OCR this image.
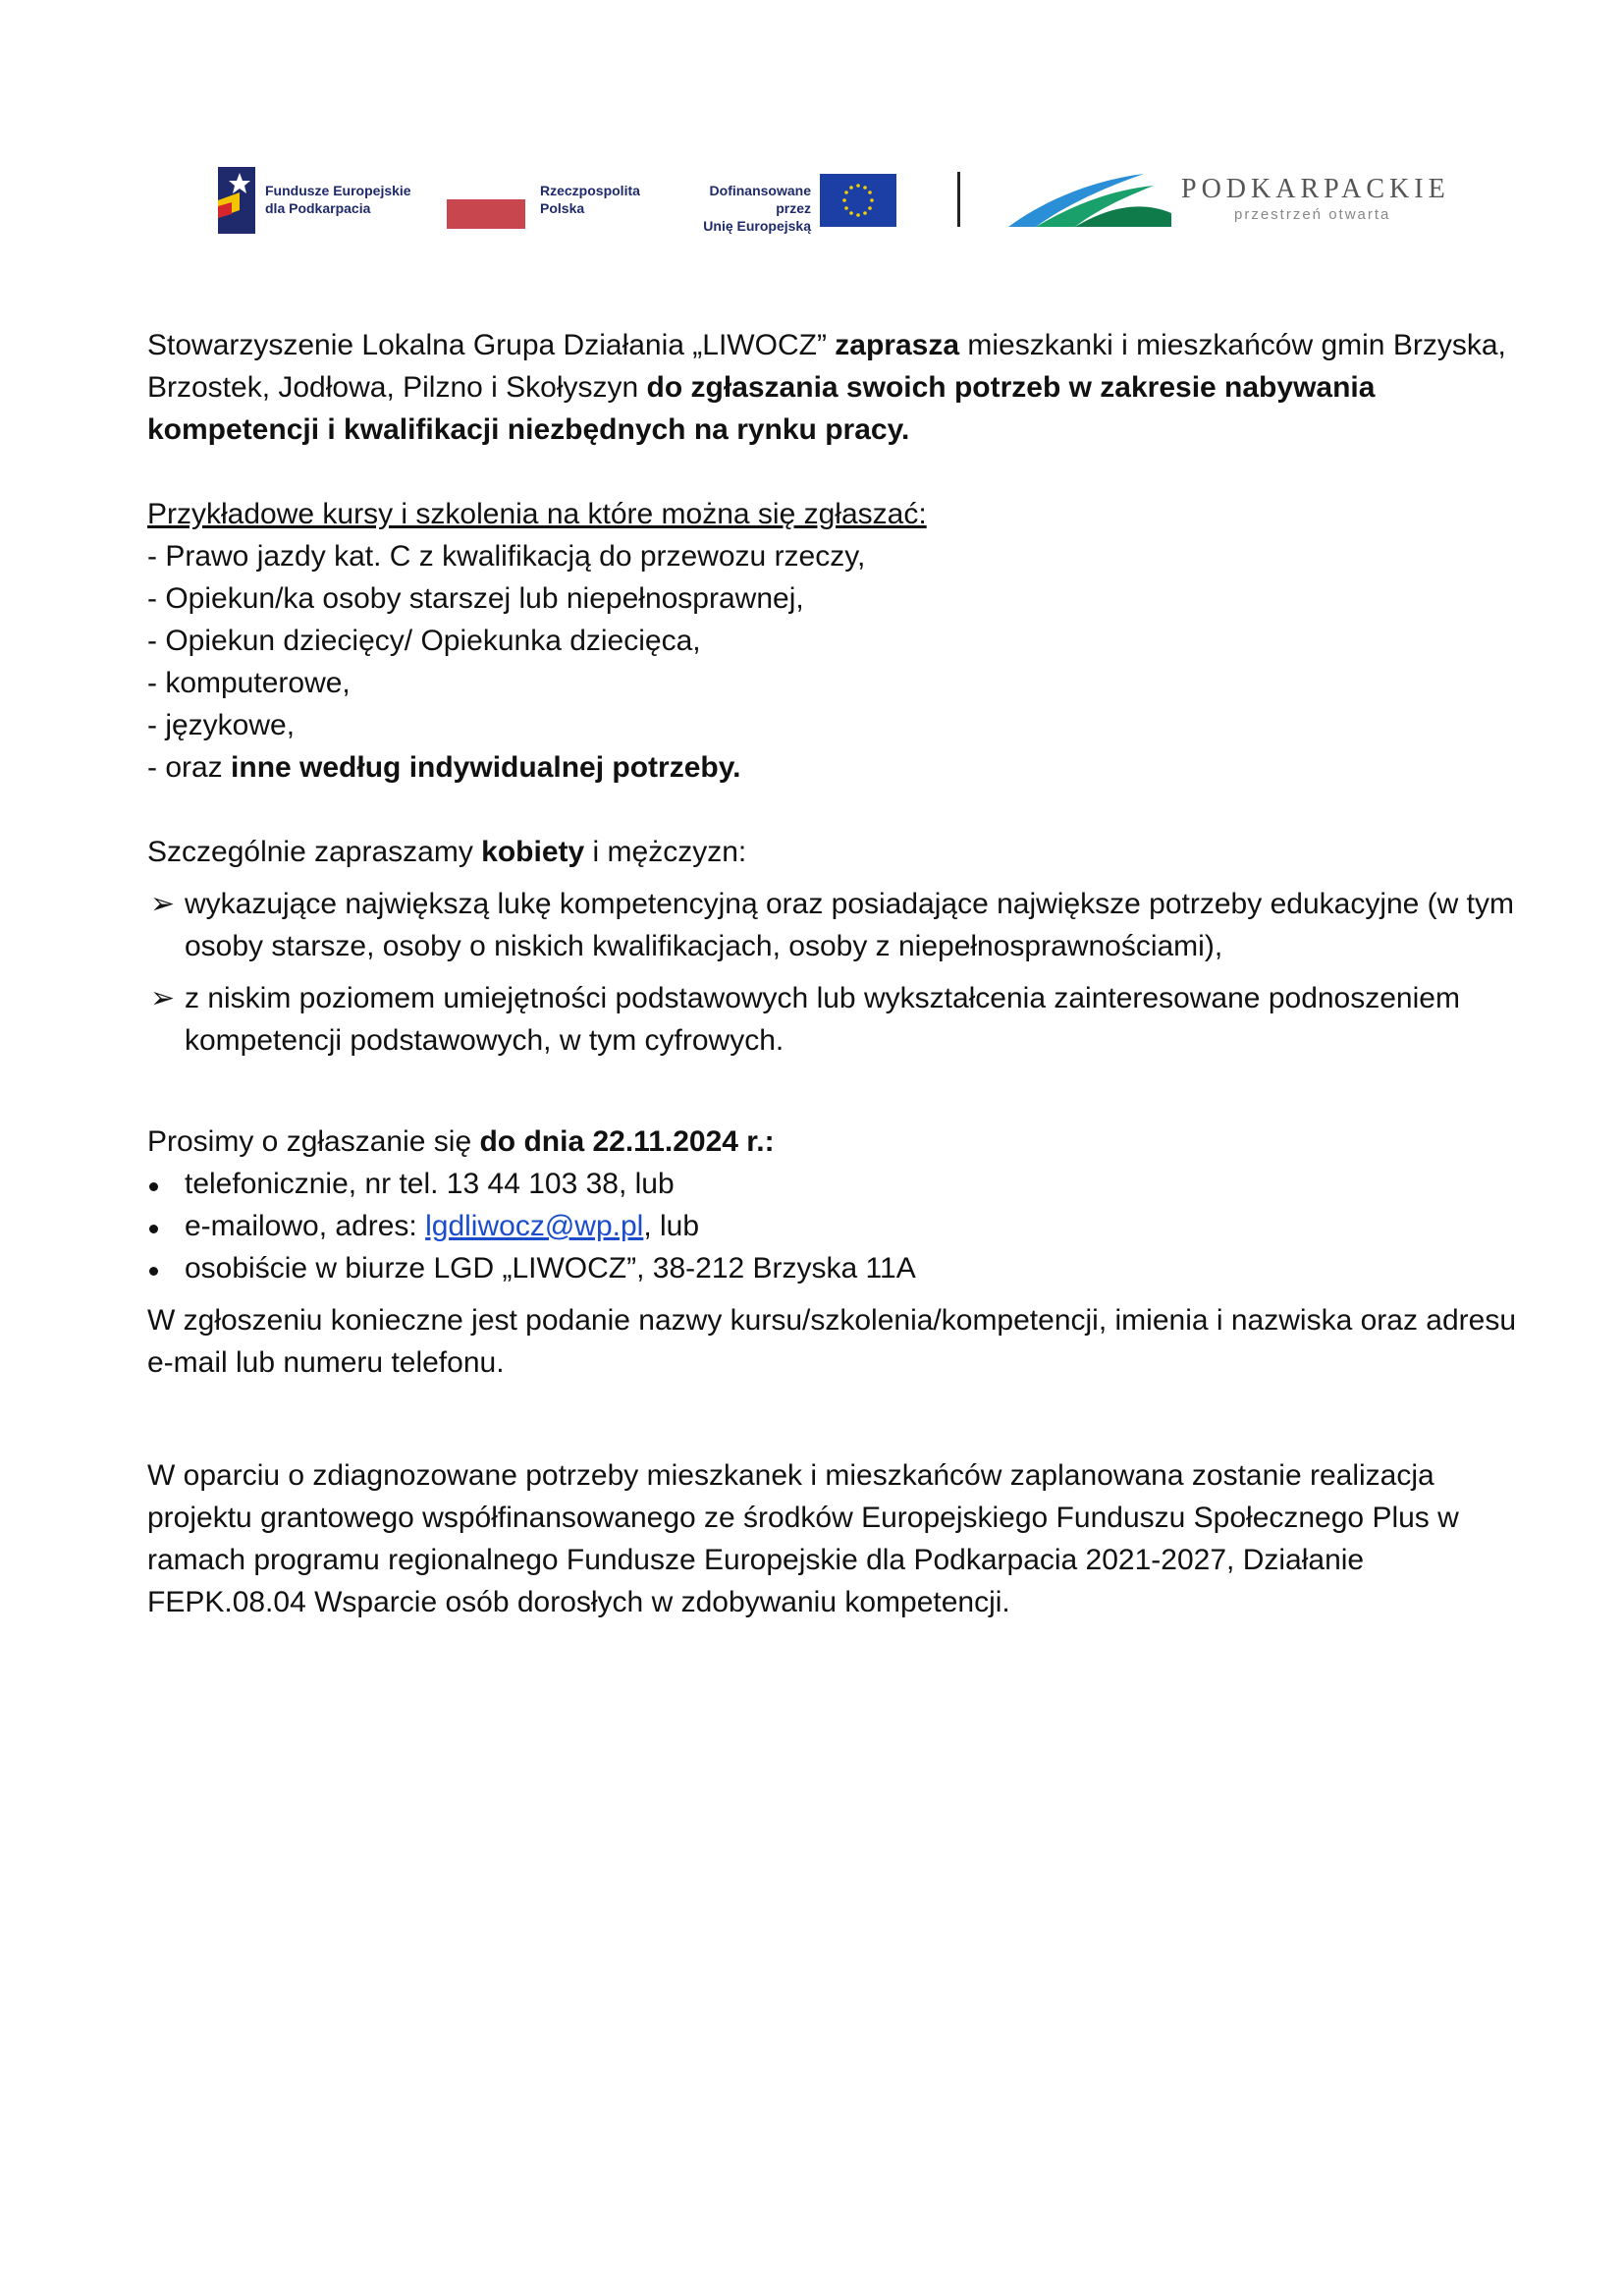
Fundusze Europejskie
dla Podkarpacia
Rzeczpospolita
Polska
Dofinansowane przez
Unię Europejską
PODKARPACKIE
przestrzeń otwarta

Stowarzyszenie Lokalna Grupa Działania „LIWOCZ” zaprasza mieszkanki i mieszkańców gmin Brzyska, Brzostek, Jodłowa, Pilzno i Skołyszyn do zgłaszania swoich potrzeb w zakresie nabywania kompetencji i kwalifikacji niezbędnych na rynku pracy.

Przykładowe kursy i szkolenia na które można się zgłaszać:

- Prawo jazdy kat. C z kwalifikacją do przewozu rzeczy,

- Opiekun/ka osoby starszej lub niepełnosprawnej,

- Opiekun dziecięcy/ Opiekunka dziecięca,

- komputerowe,

- językowe,

- oraz inne według indywidualnej potrzeby.

Szczególnie zapraszamy kobiety i mężczyzn:

➢ wykazujące największą lukę kompetencyjną oraz posiadające największe potrzeby edukacyjne (w tym osoby starsze, osoby o niskich kwalifikacjach, osoby z niepełnosprawnościami),
➢ z niskim poziomem umiejętności podstawowych lub wykształcenia zainteresowane podnoszeniem kompetencji podstawowych, w tym cyfrowych.

Prosimy o zgłaszanie się do dnia 22.11.2024 r.:

telefonicznie, nr tel. 13 44 103 38, lub
e-mailowo, adres: lgdliwocz@wp.pl, lub
osobiście w biurze LGD „LIWOCZ”, 38-212 Brzyska 11A

W zgłoszeniu konieczne jest podanie nazwy kursu/szkolenia/kompetencji, imienia i nazwiska oraz adresu e-mail lub numeru telefonu.

W oparciu o zdiagnozowane potrzeby mieszkanek i mieszkańców zaplanowana zostanie realizacja projektu grantowego współfinansowanego ze środków Europejskiego Funduszu Społecznego Plus w ramach programu regionalnego Fundusze Europejskie dla Podkarpacia 2021-2027, Działanie FEPK.08.04 Wsparcie osób dorosłych w zdobywaniu kompetencji.
